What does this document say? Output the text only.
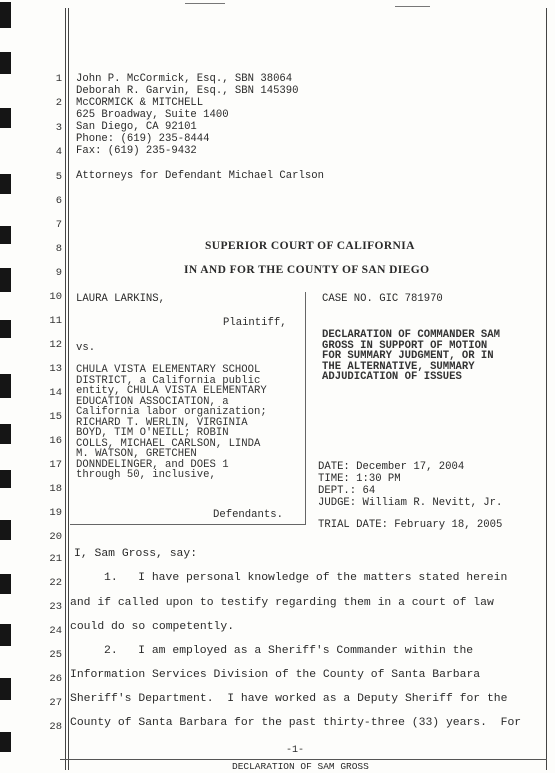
1
2
3
4
5
6
7
8
9
10
11
12
13
14
15
16
17
18
19
20
21
22
23
24
25
26
27
28
John P. McCormick, Esq., SBN 38064
Deborah R. Garvin, Esq., SBN 145390
McCORMICK & MITCHELL
625 Broadway, Suite 1400
San Diego, CA 92101
Phone: (619) 235-8444
Fax: (619) 235-9432
Attorneys for Defendant Michael Carlson
SUPERIOR COURT OF CALIFORNIA
IN AND FOR THE COUNTY OF SAN DIEGO
LAURA LARKINS,
Plaintiff,
vs.
CHULA VISTA ELEMENTARY SCHOOL
DISTRICT, a California public
entity, CHULA VISTA ELEMENTARY
EDUCATION ASSOCIATION, a
California labor organization;
RICHARD T. WERLIN, VIRGINIA
BOYD, TIM O'NEILL; ROBIN
COLLS, MICHAEL CARLSON, LINDA
M. WATSON, GRETCHEN
DONNDELINGER, and DOES 1
through 50, inclusive,
Defendants.
CASE NO. GIC 781970
DECLARATION OF COMMANDER SAM
GROSS IN SUPPORT OF MOTION
FOR SUMMARY JUDGMENT, OR IN
THE ALTERNATIVE, SUMMARY
ADJUDICATION OF ISSUES
DATE: December 17, 2004
TIME: 1:30 PM
DEPT.: 64
JUDGE: William R. Nevitt, Jr.
TRIAL DATE: February 18, 2005
I, Sam Gross, say:
1.   I have personal knowledge of the matters stated herein
and if called upon to testify regarding them in a court of law
could do so competently.
2.   I am employed as a Sheriff's Commander within the
Information Services Division of the County of Santa Barbara
Sheriff's Department.  I have worked as a Deputy Sheriff for the
County of Santa Barbara for the past thirty-three (33) years.  For
-1-
DECLARATION OF SAM GROSS
